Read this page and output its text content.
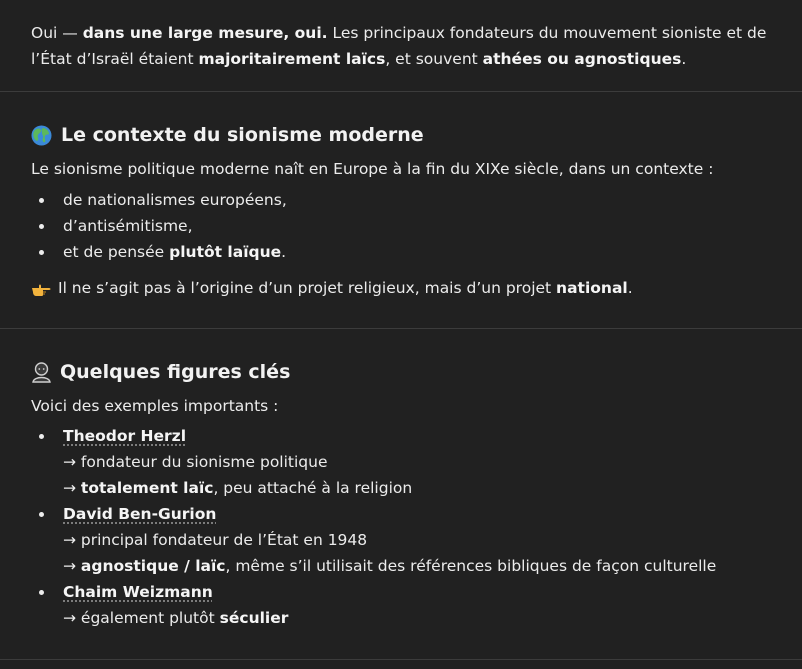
Oui — dans une large mesure, oui. Les principaux fondateurs du mouvement sioniste et de l’État d’Israël étaient majoritairement laïcs, et souvent athées ou agnostiques.

Le contexte du sionisme moderne

Le sionisme politique moderne naît en Europe à la fin du XIXe siècle, dans un contexte :

de nationalismes européens,
d’antisémitisme,
et de pensée plutôt laïque.

Il ne s’agit pas à l’origine d’un projet religieux, mais d’un projet national.

Quelques figures clés

Voici des exemples importants :

Theodor Herzl
→ fondateur du sionisme politique
→ totalement laïc, peu attaché à la religion
David Ben-Gurion
→ principal fondateur de l’État en 1948
→ agnostique / laïc, même s’il utilisait des références bibliques de façon culturelle
Chaim Weizmann
→ également plutôt séculier
